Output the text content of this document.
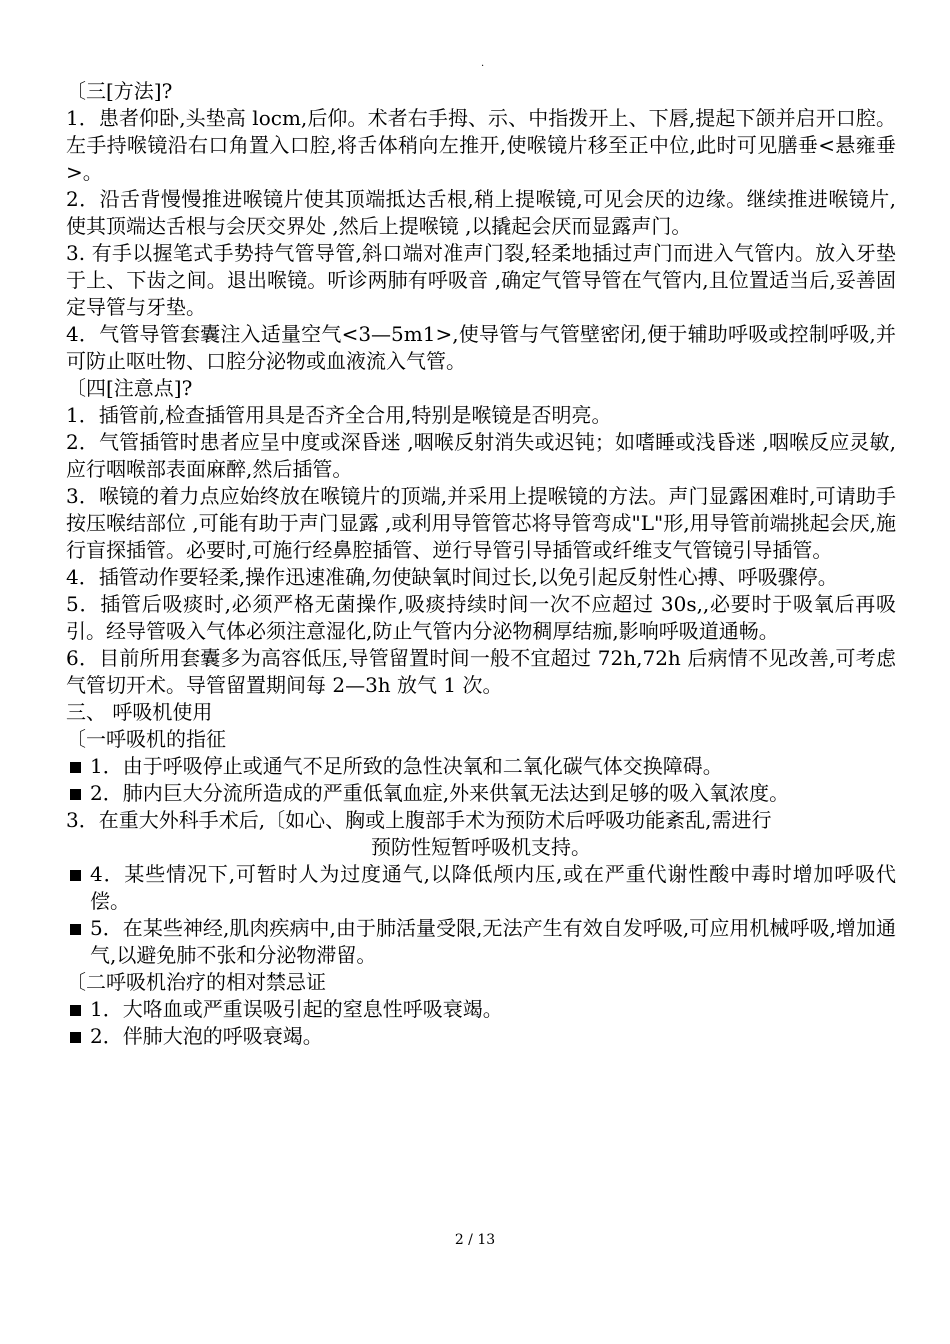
.

〔三[方法]?

1．患者仰卧,头垫高 locm,后仰。术者右手拇、示、中指拨开上、下唇,提起下颌并启开口腔。左手持喉镜沿右口角置入口腔,将舌体稍向左推开,使喉镜片移至正中位,此时可见膳垂<悬雍垂>。

2．沿舌背慢慢推进喉镜片使其顶端抵达舌根,稍上提喉镜,可见会厌的边缘。继续推进喉镜片,使其顶端达舌根与会厌交界处 ,然后上提喉镜 ,以撬起会厌而显露声门。

3. 有手以握笔式手势持气管导管,斜口端对准声门裂,轻柔地插过声门而进入气管内。放入牙垫于上、下齿之间。退出喉镜。听诊两肺有呼吸音 ,确定气管导管在气管内,且位置适当后,妥善固定导管与牙垫。

4．气管导管套囊注入适量空气<3—5m1>,使导管与气管壁密闭,便于辅助呼吸或控制呼吸,并可防止呕吐物、口腔分泌物或血液流入气管。

〔四[注意点]?

1．插管前,检查插管用具是否齐全合用,特别是喉镜是否明亮。

2．气管插管时患者应呈中度或深昏迷 ,咽喉反射消失或迟钝；如嗜睡或浅昏迷 ,咽喉反应灵敏,应行咽喉部表面麻醉,然后插管。

3．喉镜的着力点应始终放在喉镜片的顶端,并采用上提喉镜的方法。声门显露困难时,可请助手按压喉结部位 ,可能有助于声门显露 ,或利用导管管芯将导管弯成"L"形,用导管前端挑起会厌,施行盲探插管。必要时,可施行经鼻腔插管、逆行导管引导插管或纤维支气管镜引导插管。

4．插管动作要轻柔,操作迅速准确,勿使缺氧时间过长,以免引起反射性心搏、呼吸骤停。

5．插管后吸痰时,必须严格无菌操作,吸痰持续时间一次不应超过 30s,,必要时于吸氧后再吸引。经导管吸入气体必须注意湿化,防止气管内分泌物稠厚结痂,影响呼吸道通畅。

6．目前所用套囊多为高容低压,导管留置时间一般不宜超过 72h,72h 后病情不见改善,可考虑气管切开术。导管留置期间每 2—3h 放气 1 次。

三、 呼吸机使用

〔一呼吸机的指征

1．由于呼吸停止或通气不足所致的急性决氧和二氧化碳气体交换障碍。

2．肺内巨大分流所造成的严重低氧血症,外来供氧无法达到足够的吸入氧浓度。

3．在重大外科手术后,〔如心、胸或上腹部手术为预防术后呼吸功能紊乱,需进行
预防性短暂呼吸机支持。

4．某些情况下,可暂时人为过度通气,以降低颅内压,或在严重代谢性酸中毒时增加呼吸代偿。

5．在某些神经,肌肉疾病中,由于肺活量受限,无法产生有效自发呼吸,可应用机械呼吸,增加通气,以避免肺不张和分泌物滞留。

〔二呼吸机治疗的相对禁忌证

1．大咯血或严重误吸引起的窒息性呼吸衰竭。

2．伴肺大泡的呼吸衰竭。

2 / 13
